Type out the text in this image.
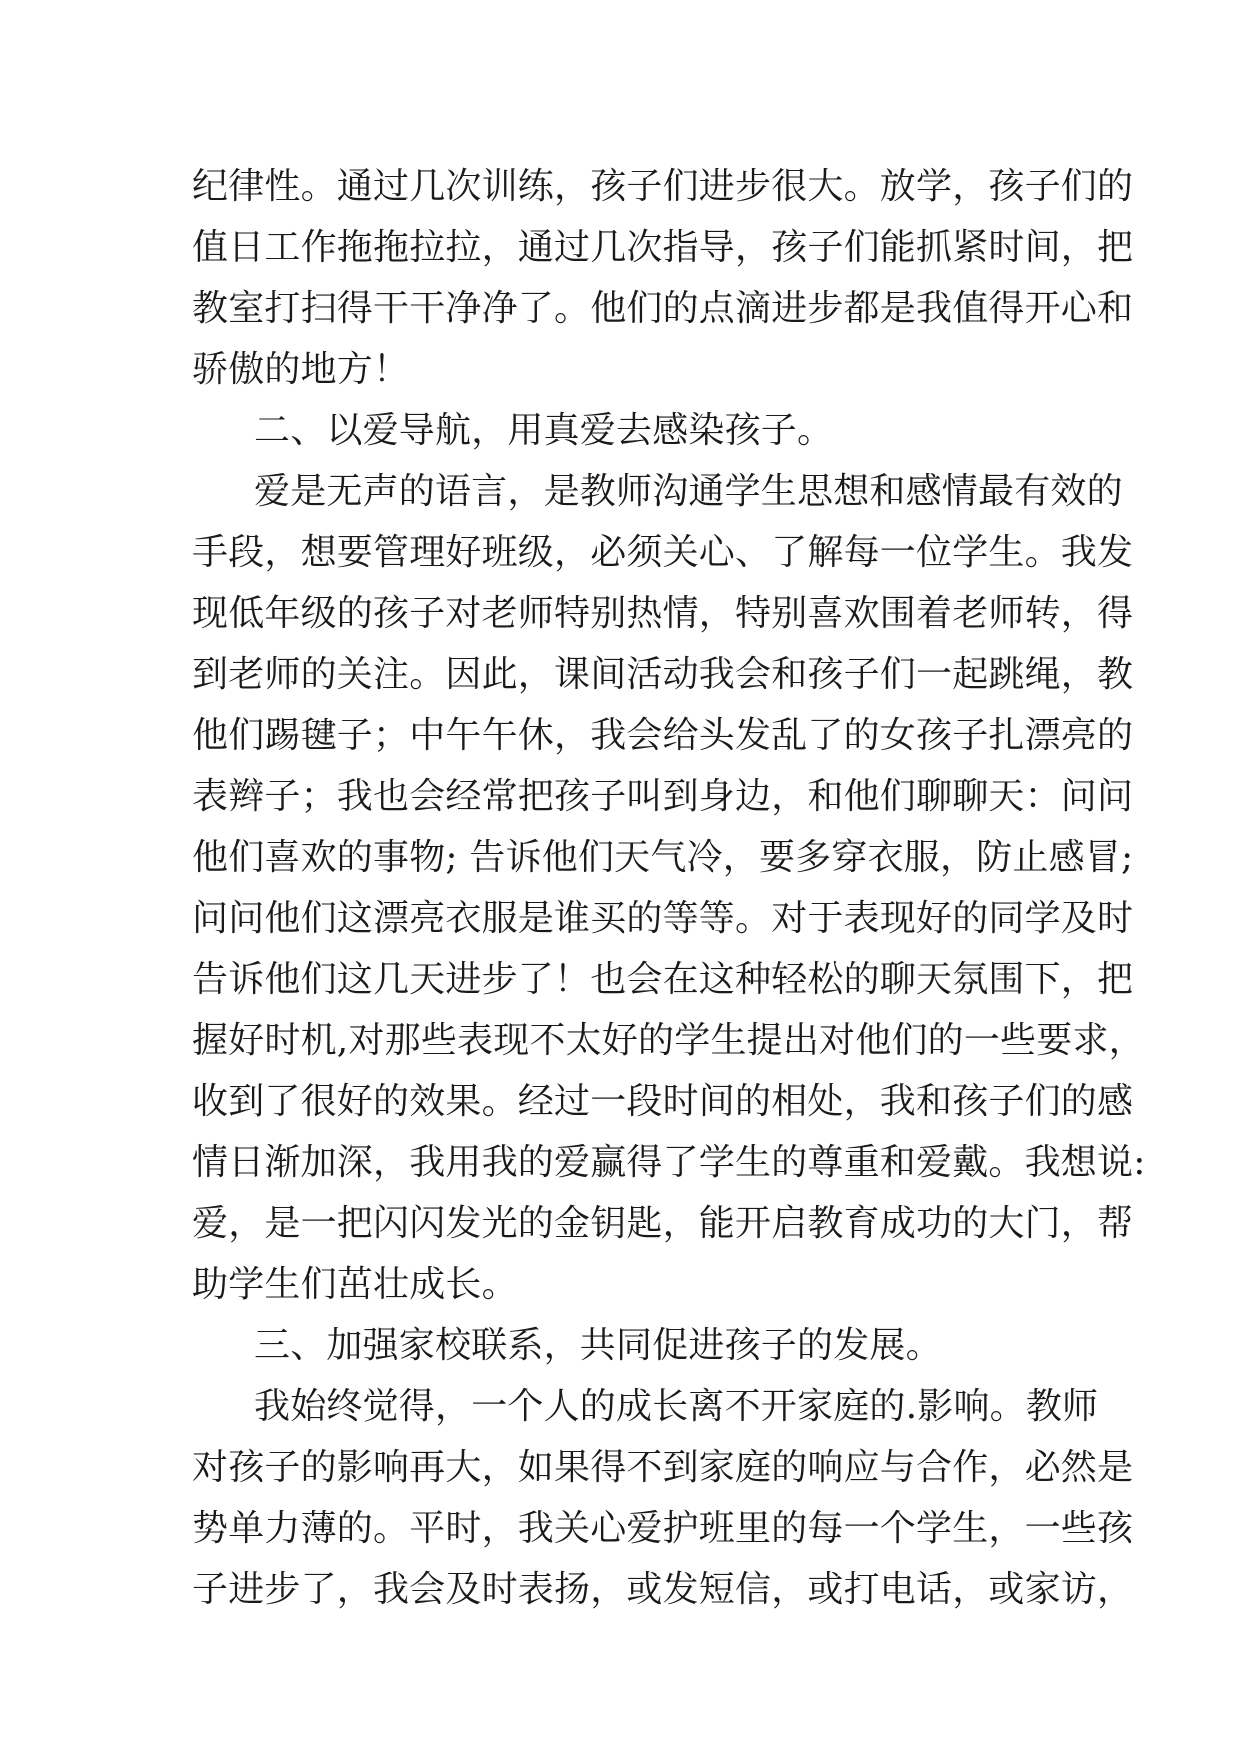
纪律性。通过几次训练，孩子们进步很大。放学，孩子们的
值日工作拖拖拉拉，通过几次指导，孩子们能抓紧时间，把
教室打扫得干干净净了。他们的点滴进步都是我值得开心和
骄傲的地方！
二、以爱导航，用真爱去感染孩子。
爱是无声的语言，是教师沟通学生思想和感情最有效的
手段，想要管理好班级，必须关心、了解每一位学生。我发
现低年级的孩子对老师特别热情，特别喜欢围着老师转，得
到老师的关注。因此，课间活动我会和孩子们一起跳绳，教
他们踢毽子；中午午休，我会给头发乱了的女孩子扎漂亮的
表辫子；我也会经常把孩子叫到身边，和他们聊聊天：问问
他们喜欢的事物; 告诉他们天气冷，要多穿衣服，防止感冒;
问问他们这漂亮衣服是谁买的等等。对于表现好的同学及时
告诉他们这几天进步了！也会在这种轻松的聊天氛围下，把
握好时机,对那些表现不太好的学生提出对他们的一些要求，
收到了很好的效果。经过一段时间的相处，我和孩子们的感
情日渐加深，我用我的爱赢得了学生的尊重和爱戴。我想说:
爱，是一把闪闪发光的金钥匙，能开启教育成功的大门，帮
助学生们茁壮成长。
三、加强家校联系，共同促进孩子的发展。
我始终觉得，一个人的成长离不开家庭的.影响。教师
对孩子的影响再大，如果得不到家庭的响应与合作，必然是
势单力薄的。平时，我关心爱护班里的每一个学生，一些孩
子进步了，我会及时表扬，或发短信，或打电话，或家访，
